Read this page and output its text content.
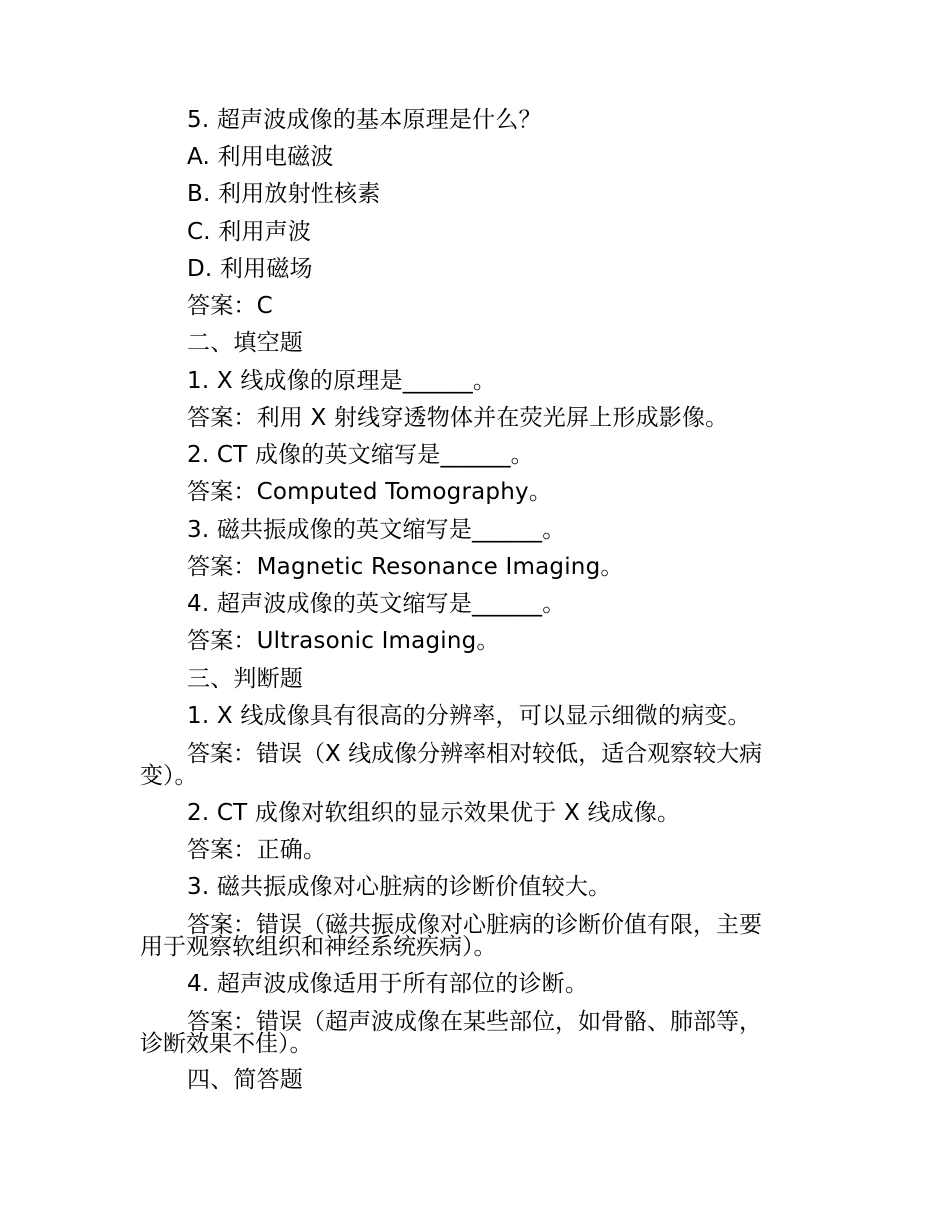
5. 超声波成像的基本原理是什么？
A. 利用电磁波
B. 利用放射性核素
C. 利用声波
D. 利用磁场
答案：C
二、填空题
1. X 线成像的原理是______。
答案：利用 X 射线穿透物体并在荧光屏上形成影像。
2. CT 成像的英文缩写是______。
答案：Computed Tomography。
3. 磁共振成像的英文缩写是______。
答案：Magnetic Resonance Imaging。
4. 超声波成像的英文缩写是______。
答案：Ultrasonic Imaging。
三、判断题
1. X 线成像具有很高的分辨率，可以显示细微的病变。
答案：错误（X 线成像分辨率相对较低，适合观察较大病
变）。
2. CT 成像对软组织的显示效果优于 X 线成像。
答案：正确。
3. 磁共振成像对心脏病的诊断价值较大。
答案：错误（磁共振成像对心脏病的诊断价值有限，主要
用于观察软组织和神经系统疾病）。
4. 超声波成像适用于所有部位的诊断。
答案：错误（超声波成像在某些部位，如骨骼、肺部等，
诊断效果不佳）。
四、简答题
